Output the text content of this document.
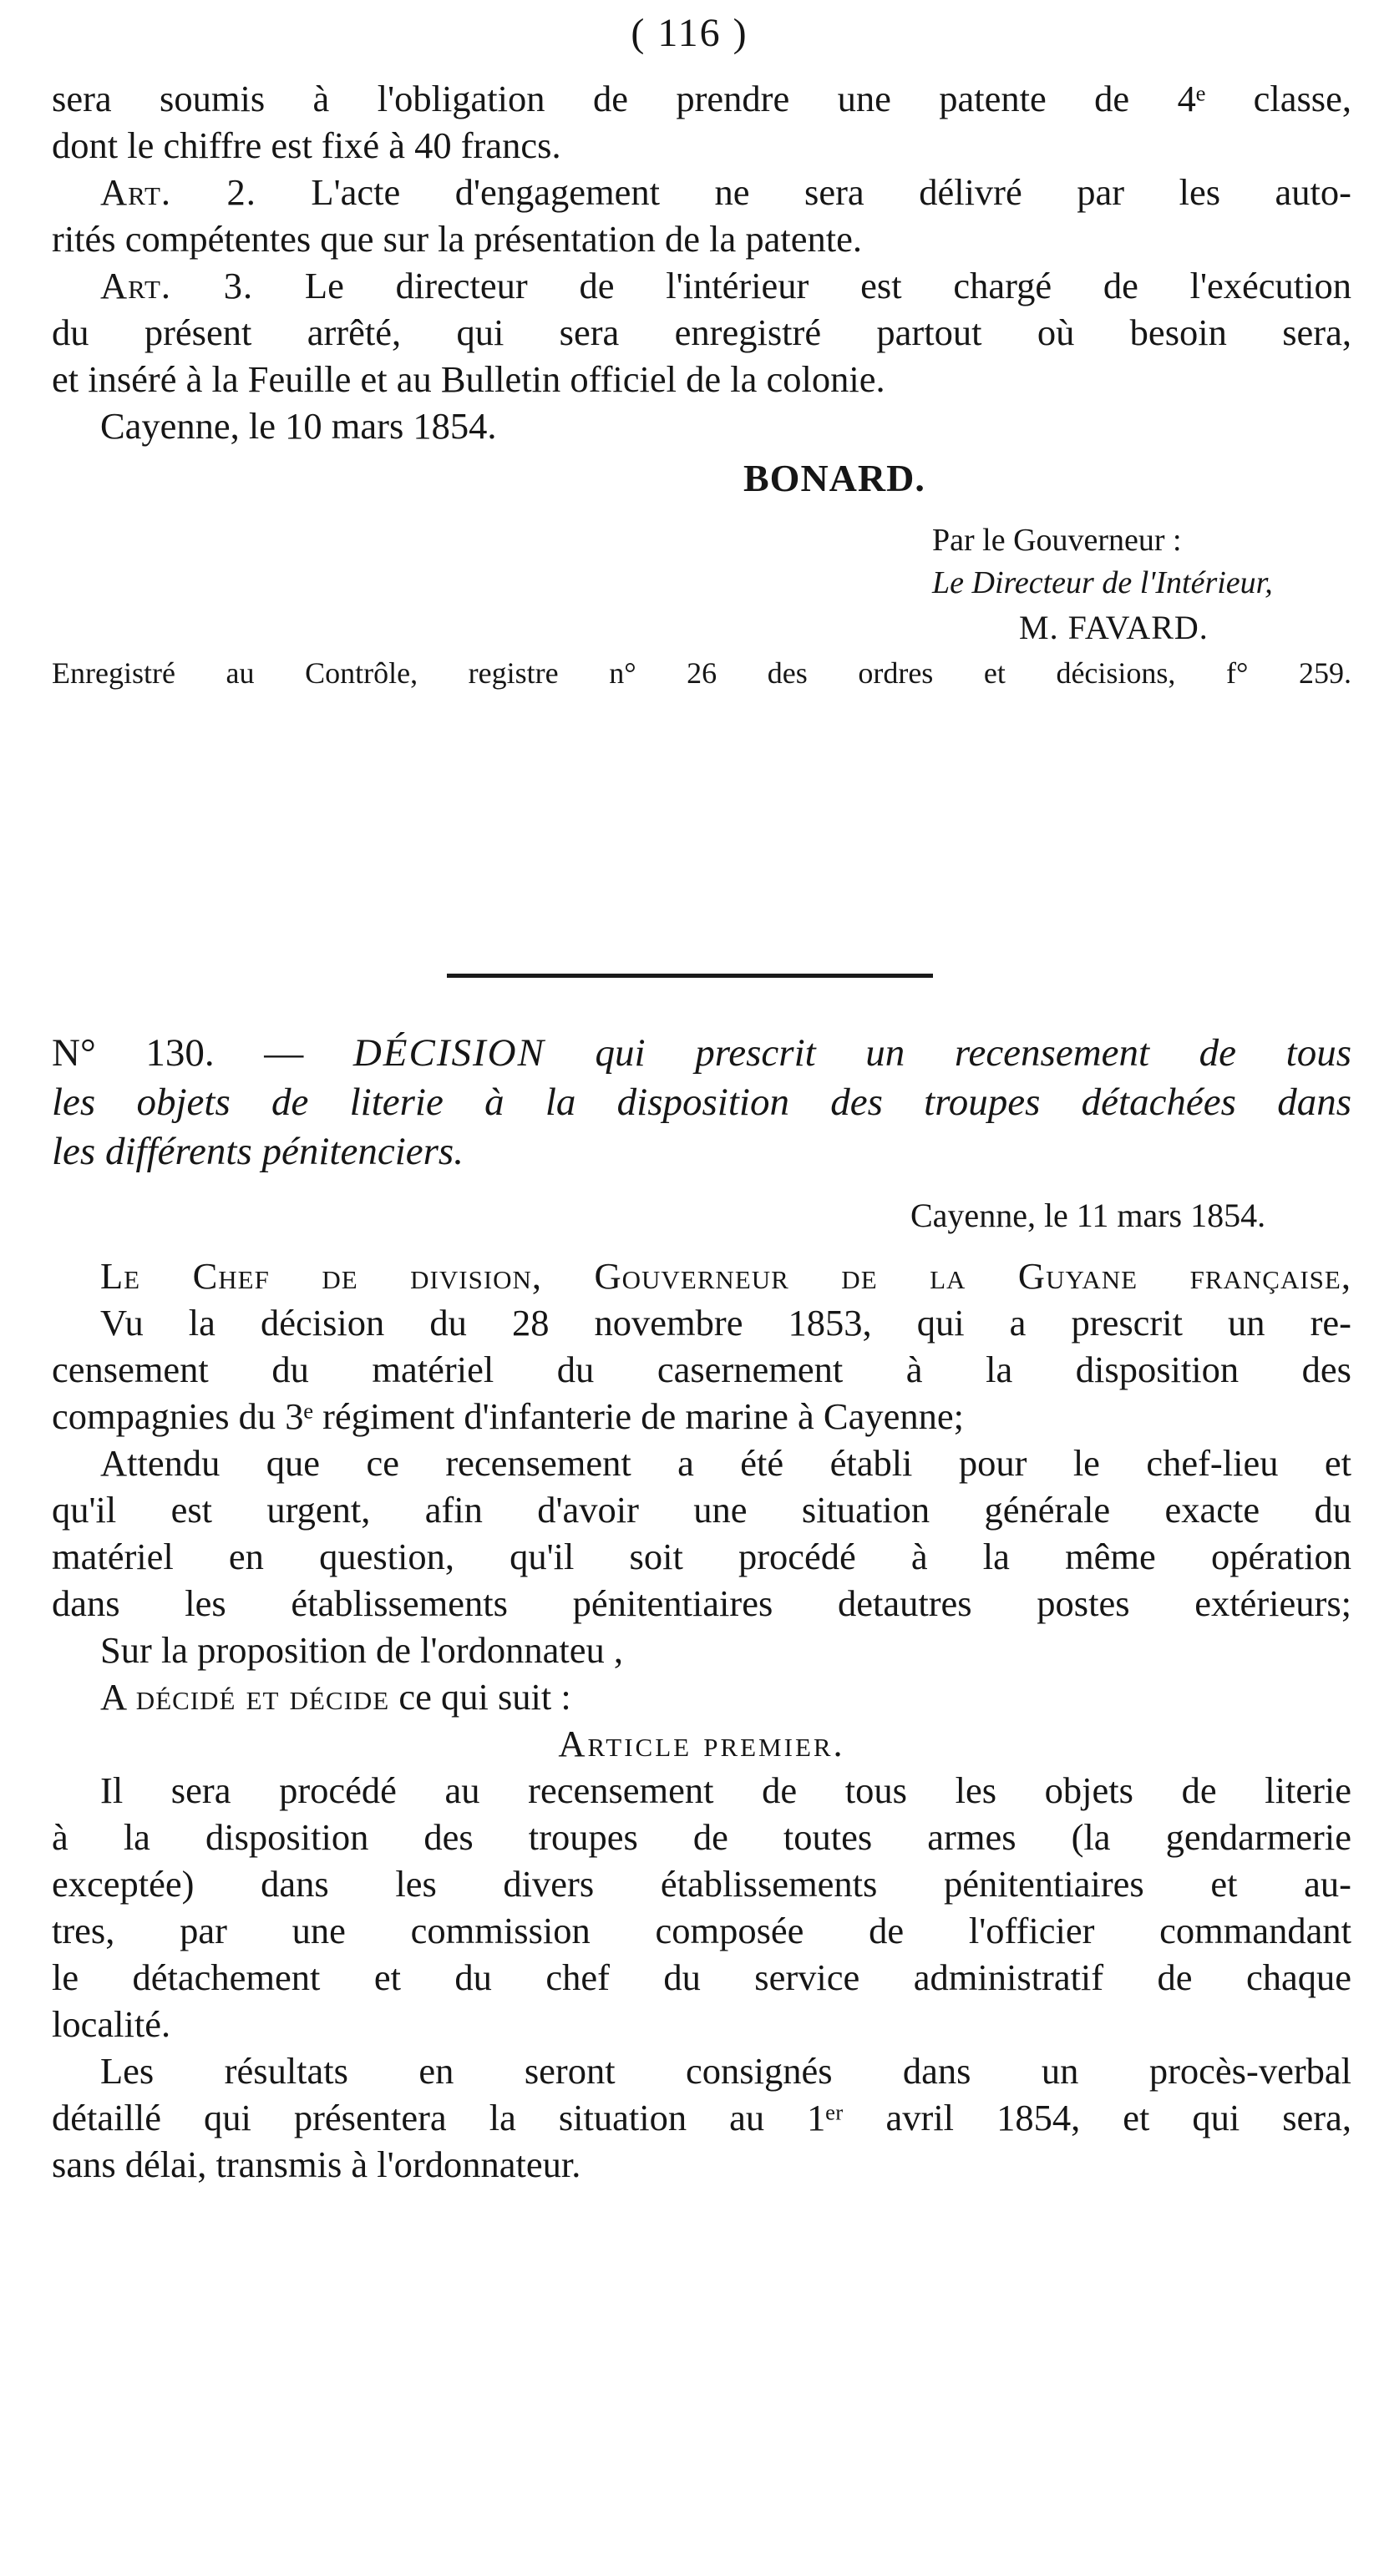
( 116 )

sera soumis à l'obligation de prendre une patente de 4ᵉ classe,

dont le chiffre est fixé à 40 francs.

Art. 2. L'acte d'engagement ne sera délivré par les auto-

rités compétentes que sur la présentation de la patente.

Art. 3. Le directeur de l'intérieur est chargé de l'exécution

du présent arrêté, qui sera enregistré partout où besoin sera,

et inséré à la Feuille et au Bulletin officiel de la colonie.

Cayenne, le 10 mars 1854.

BONARD.
Par le Gouverneur :
Le Directeur de l'Intérieur,
M. FAVARD.
Enregistré au Contrôle, registre n° 26 des ordres et décisions, f° 259.

N° 130. — DÉCISION qui prescrit un recensement de tous

les objets de literie à la disposition des troupes détachées dans

les différents pénitenciers.

Cayenne, le 11 mars 1854.

Le Chef de division, Gouverneur de la Guyane française,

Vu la décision du 28 novembre 1853, qui a prescrit un re-

censement du matériel du casernement à la disposition des

compagnies du 3ᵉ régiment d'infanterie de marine à Cayenne;

Attendu que ce recensement a été établi pour le chef-lieu et

qu'il est urgent, afin d'avoir une situation générale exacte du

matériel en question, qu'il soit procédé à la même opération

dans les établissements pénitentiaires detautres postes extérieurs;

Sur la proposition de l'ordonnateu ,

A décidé et décide ce qui suit :

Article premier.

Il sera procédé au recensement de tous les objets de literie

à la disposition des troupes de toutes armes (la gendarmerie

exceptée) dans les divers établissements pénitentiaires et au-

tres, par une commission composée de l'officier commandant

le détachement et du chef du service administratif de chaque

localité.

Les résultats en seront consignés dans un procès-verbal

détaillé qui présentera la situation au 1ᵉʳ avril 1854, et qui sera,

sans délai, transmis à l'ordonnateur.
